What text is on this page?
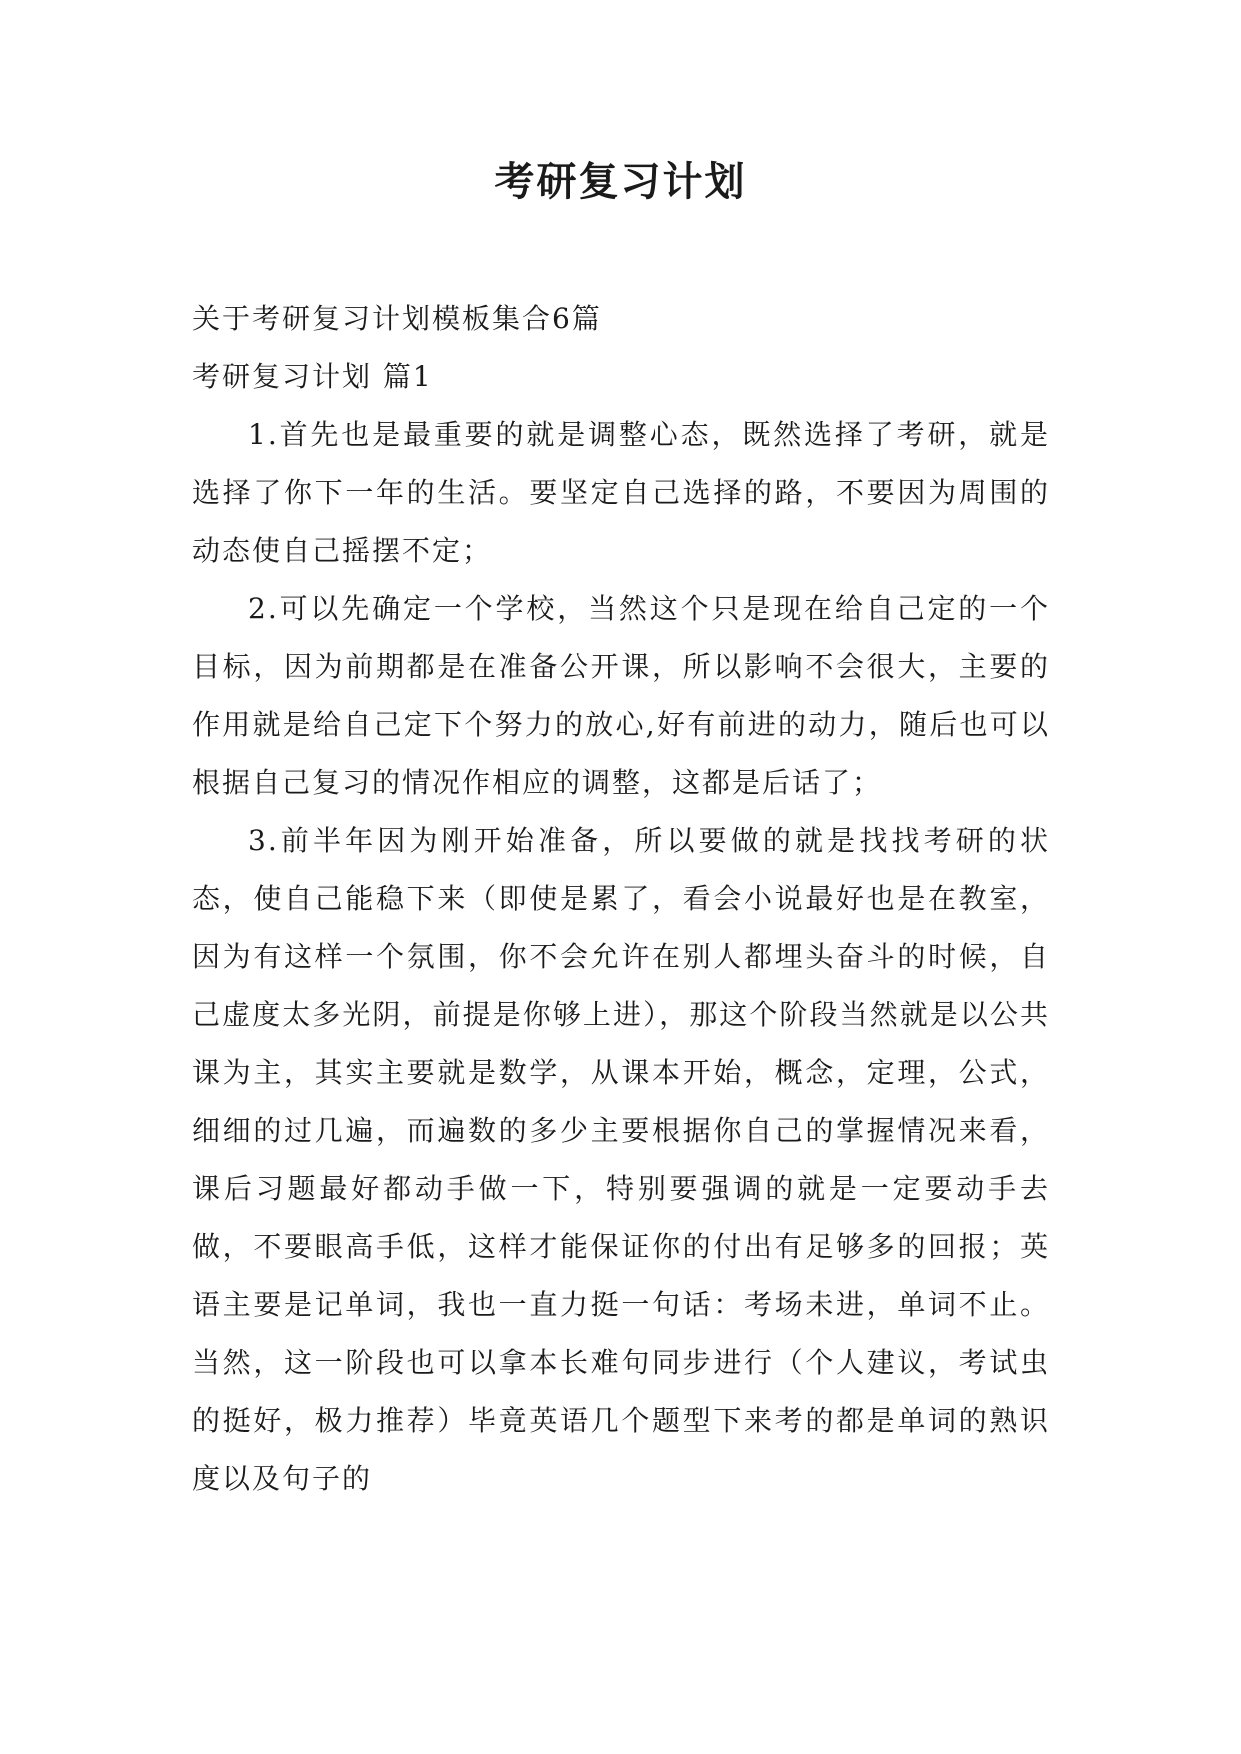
考研复习计划

关于考研复习计划模板集合6篇

考研复习计划 篇1

1.首先也是最重要的就是调整心态，既然选择了考研，就是选择了你下一年的生活。要坚定自己选择的路，不要因为周围的动态使自己摇摆不定；

2.可以先确定一个学校，当然这个只是现在给自己定的一个目标，因为前期都是在准备公开课，所以影响不会很大，主要的作用就是给自己定下个努力的放心,好有前进的动力，随后也可以根据自己复习的情况作相应的调整，这都是后话了；

3.前半年因为刚开始准备，所以要做的就是找找考研的状态，使自己能稳下来（即使是累了，看会小说最好也是在教室，因为有这样一个氛围，你不会允许在别人都埋头奋斗的时候，自己虚度太多光阴，前提是你够上进），那这个阶段当然就是以公共课为主，其实主要就是数学，从课本开始，概念，定理，公式，细细的过几遍，而遍数的多少主要根据你自己的掌握情况来看，课后习题最好都动手做一下，特别要强调的就是一定要动手去做，不要眼高手低，这样才能保证你的付出有足够多的回报；英语主要是记单词，我也一直力挺一句话：考场未进，单词不止。当然，这一阶段也可以拿本长难句同步进行（个人建议，考试虫的挺好，极力推荐）毕竟英语几个题型下来考的都是单词的熟识度以及句子的
